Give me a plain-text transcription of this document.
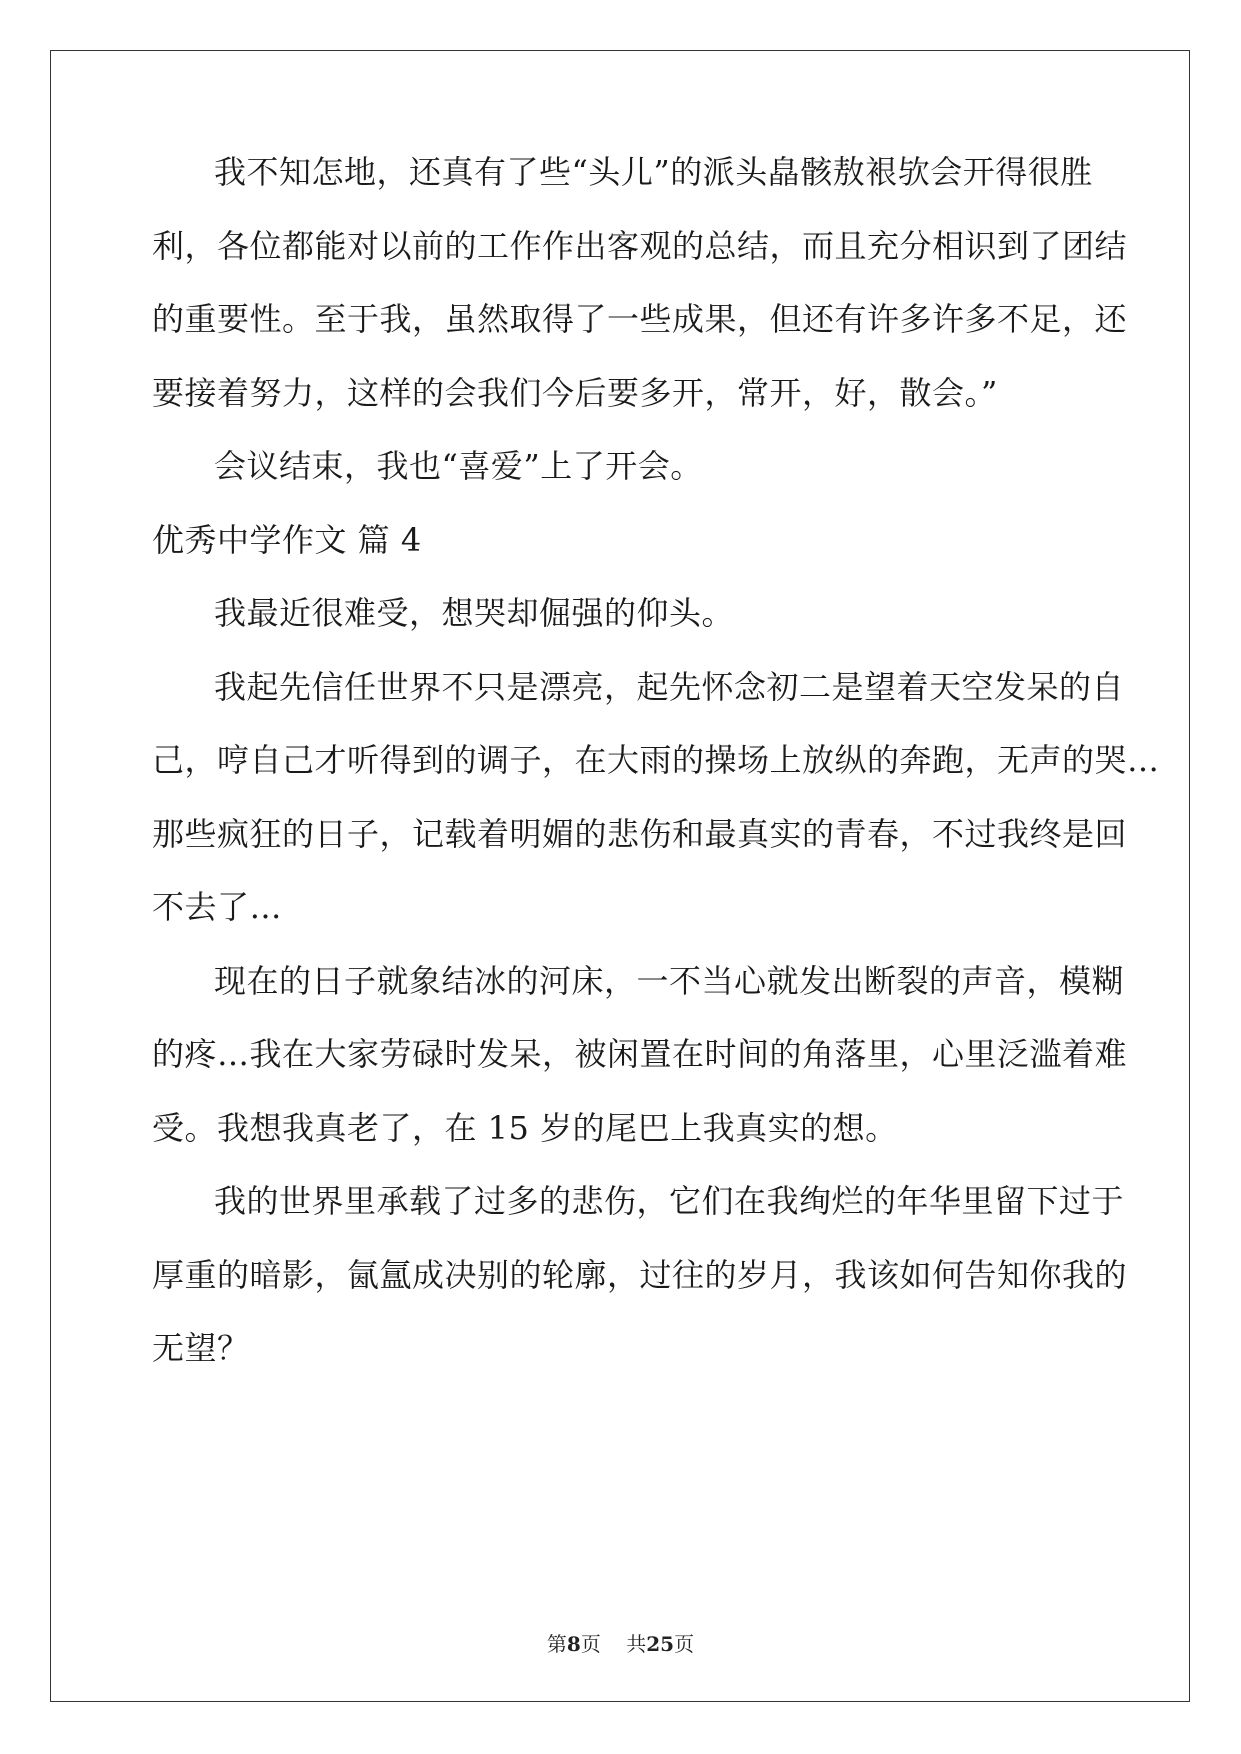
我不知怎地，还真有了些“头儿”的派头皛骸敖裉欤会开得很胜
利，各位都能对以前的工作作出客观的总结，而且充分相识到了团结
的重要性。至于我，虽然取得了一些成果，但还有许多许多不足，还
要接着努力，这样的会我们今后要多开，常开，好，散会。”
会议结束，我也“喜爱”上了开会。
优秀中学作文 篇 4
我最近很难受，想哭却倔强的仰头。
我起先信任世界不只是漂亮，起先怀念初二是望着天空发呆的自
己，哼自己才听得到的调子，在大雨的操场上放纵的奔跑，无声的哭…
那些疯狂的日子，记载着明媚的悲伤和最真实的青春，不过我终是回
不去了…
现在的日子就象结冰的河床，一不当心就发出断裂的声音，模糊
的疼…我在大家劳碌时发呆，被闲置在时间的角落里，心里泛滥着难
受。我想我真老了，在 15 岁的尾巴上我真实的想。
我的世界里承载了过多的悲伤，它们在我绚烂的年华里留下过于
厚重的暗影，氤氲成决别的轮廓，过往的岁月，我该如何告知你我的
无望？
第8页 共25页
